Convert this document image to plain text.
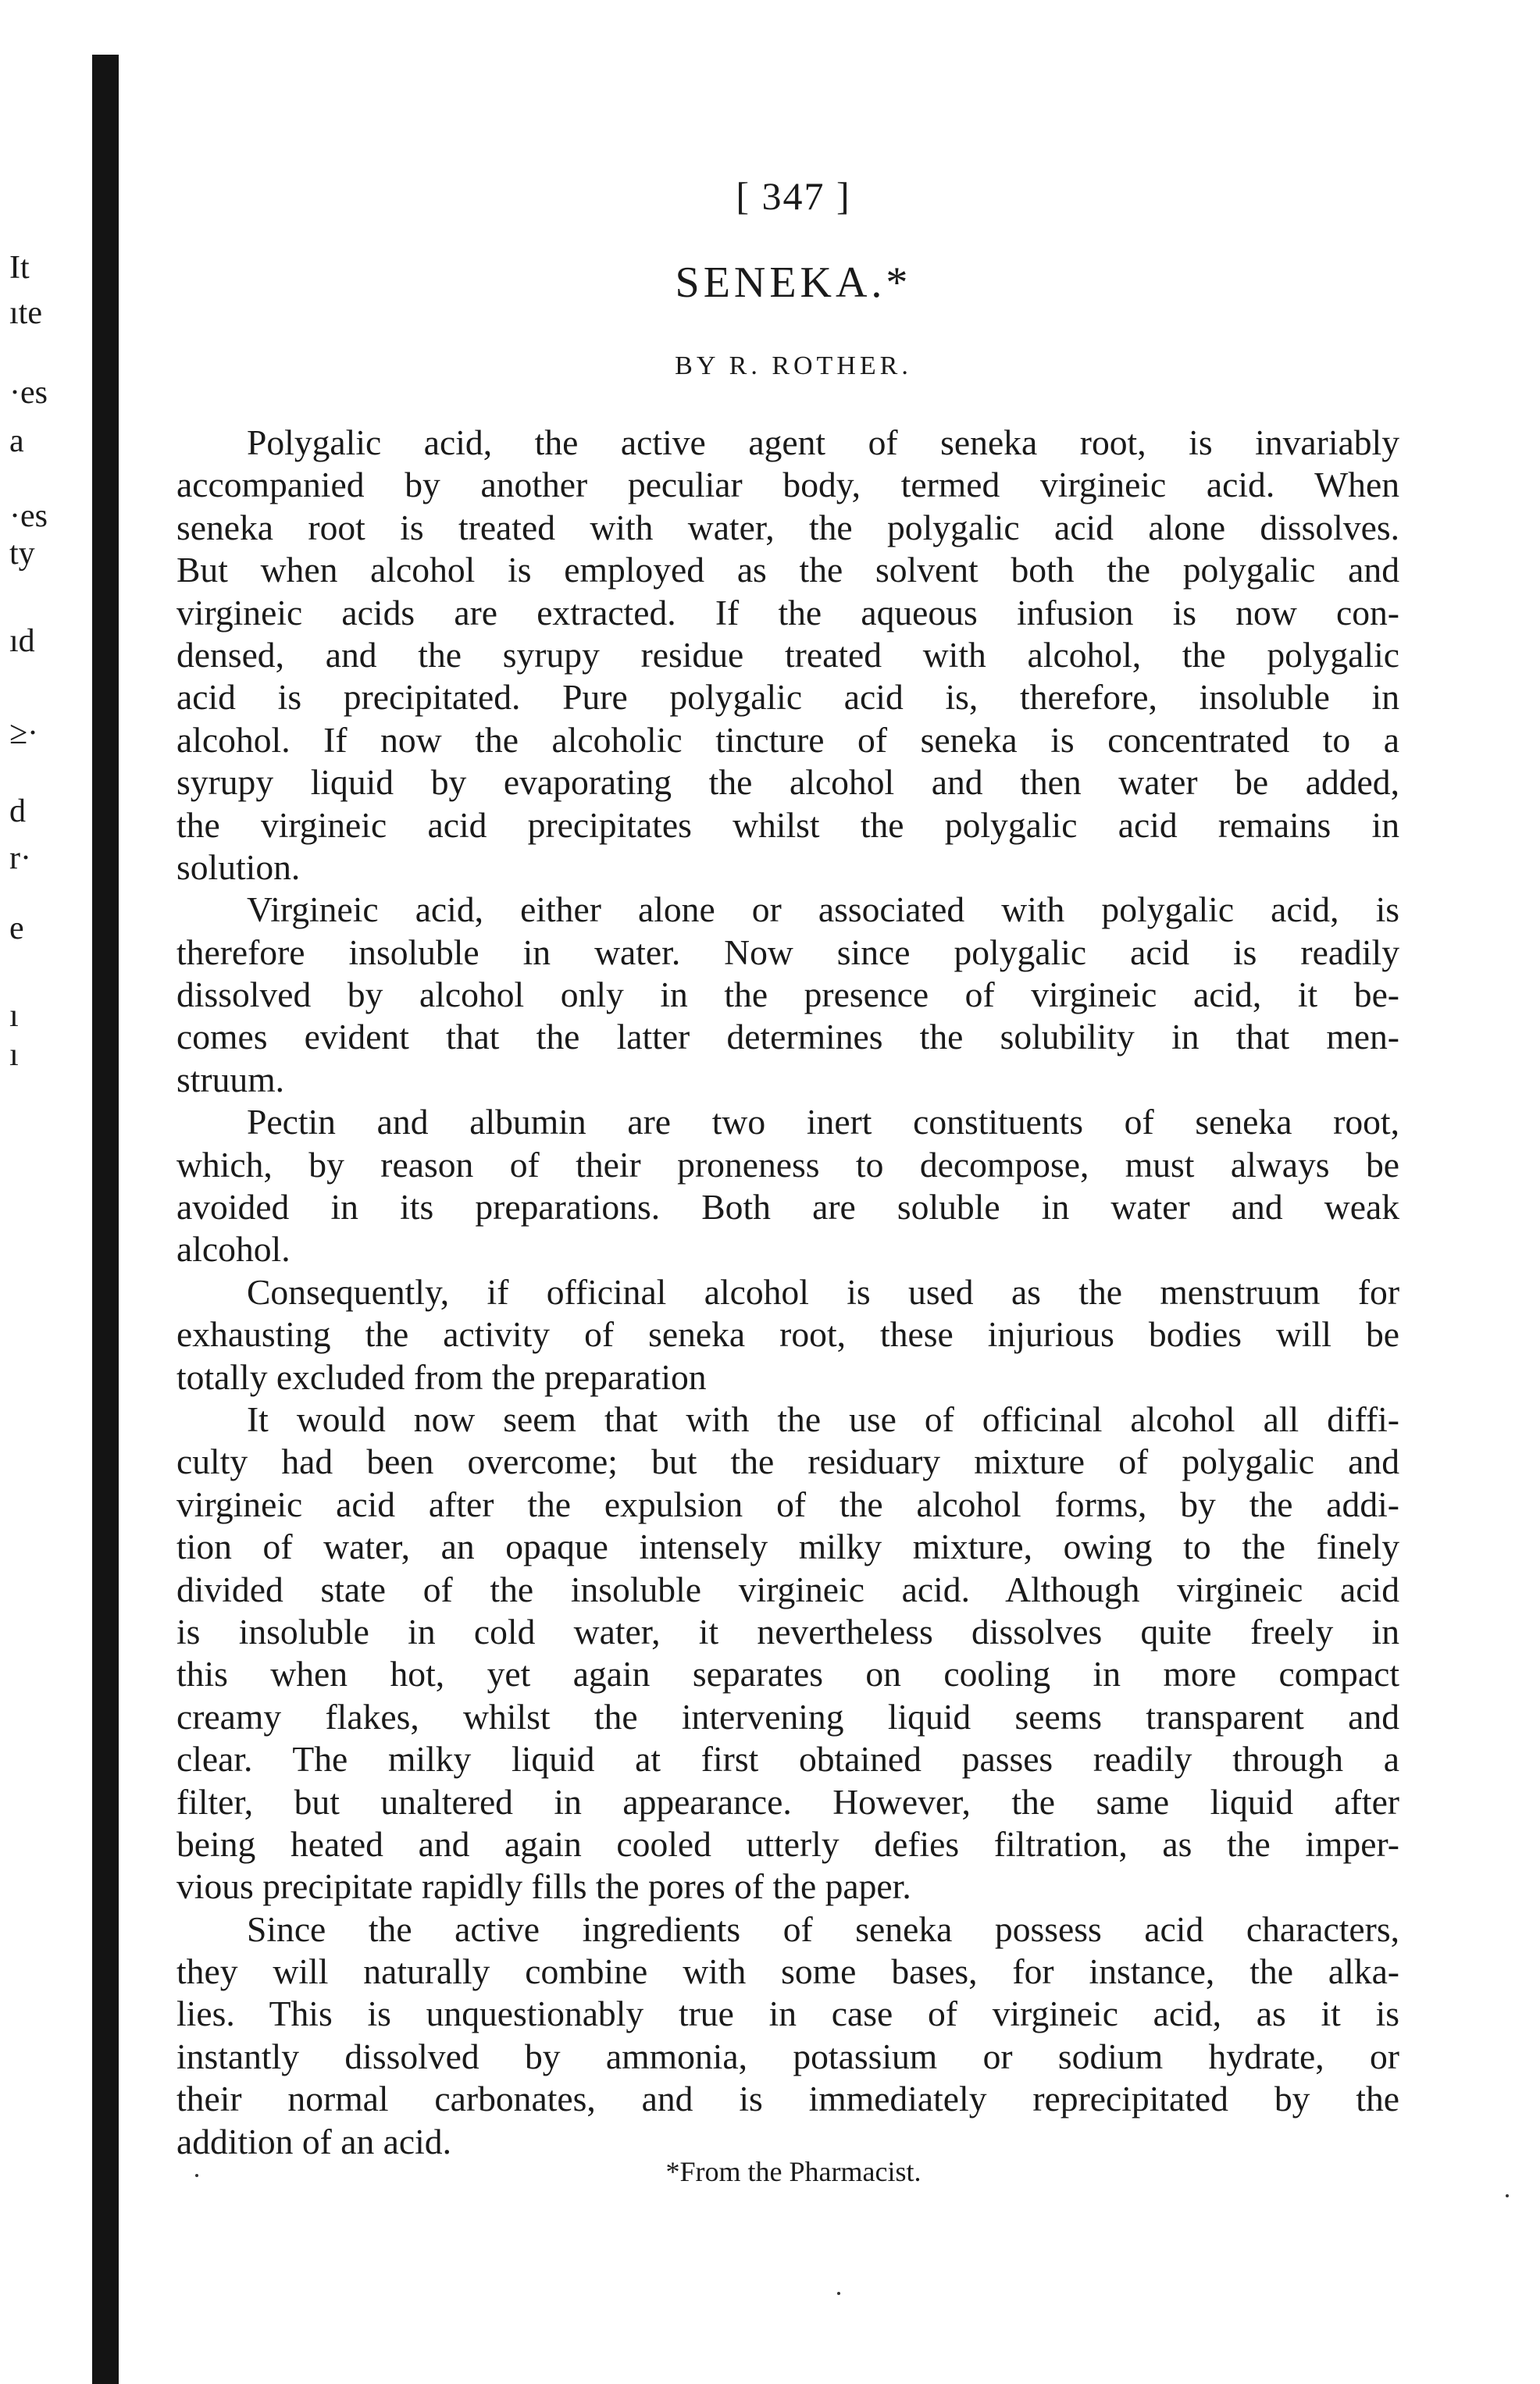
It
ıte
·es
a
·es
ty
ıd
≥·
d
r·
e
ı
ı
[ 347 ]
SENEKA.*
BY R. ROTHER.
Polygalic acid, the active agent of seneka root, is invariably
accompanied by another peculiar body, termed virgineic acid. When
seneka root is treated with water, the polygalic acid alone dissolves.
But when alcohol is employed as the solvent both the polygalic and
virgineic acids are extracted. If the aqueous infusion is now con-
densed, and the syrupy residue treated with alcohol, the polygalic
acid is precipitated. Pure polygalic acid is, therefore, insoluble in
alcohol. If now the alcoholic tincture of seneka is concentrated to a
syrupy liquid by evaporating the alcohol and then water be added,
the virgineic acid precipitates whilst the polygalic acid remains in
solution.
Virgineic acid, either alone or associated with polygalic acid, is
therefore insoluble in water. Now since polygalic acid is readily
dissolved by alcohol only in the presence of virgineic acid, it be-
comes evident that the latter determines the solubility in that men-
struum.
Pectin and albumin are two inert constituents of seneka root,
which, by reason of their proneness to decompose, must always be
avoided in its preparations. Both are soluble in water and weak
alcohol.
Consequently, if officinal alcohol is used as the menstruum for
exhausting the activity of seneka root, these injurious bodies will be
totally excluded from the preparation
It would now seem that with the use of officinal alcohol all diffi-
culty had been overcome; but the residuary mixture of polygalic and
virgineic acid after the expulsion of the alcohol forms, by the addi-
tion of water, an opaque intensely milky mixture, owing to the finely
divided state of the insoluble virgineic acid. Although virgineic acid
is insoluble in cold water, it nevertheless dissolves quite freely in
this when hot, yet again separates on cooling in more compact
creamy flakes, whilst the intervening liquid seems transparent and
clear. The milky liquid at first obtained passes readily through a
filter, but unaltered in appearance. However, the same liquid after
being heated and again cooled utterly defies filtration, as the imper-
vious precipitate rapidly fills the pores of the paper.
Since the active ingredients of seneka possess acid characters,
they will naturally combine with some bases, for instance, the alka-
lies. This is unquestionably true in case of virgineic acid, as it is
instantly dissolved by ammonia, potassium or sodium hydrate, or
their normal carbonates, and is immediately reprecipitated by the
addition of an acid.
*From the Pharmacist.
